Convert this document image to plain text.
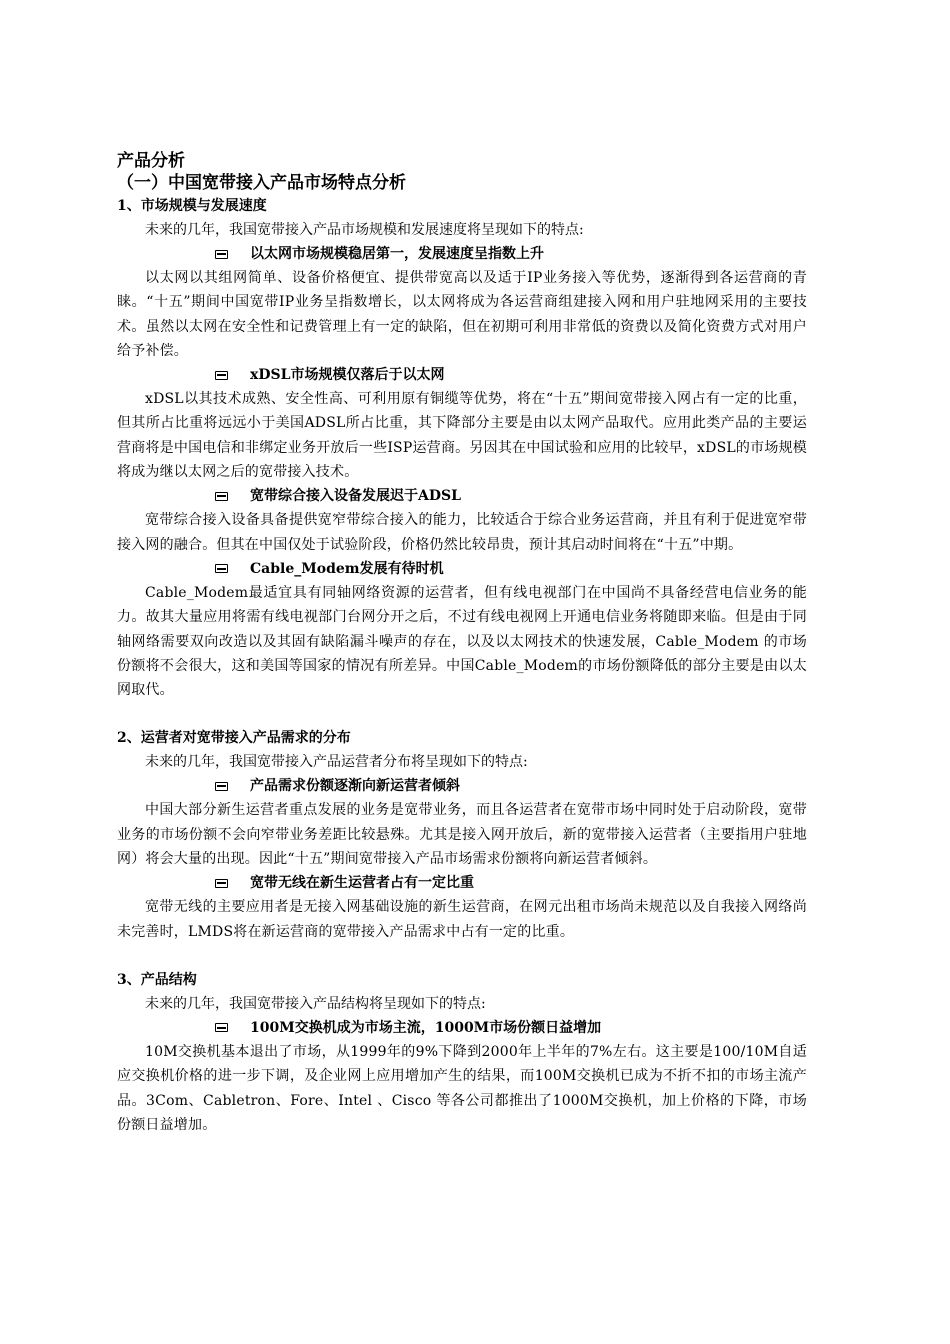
产品分析

（一）中国宽带接入产品市场特点分析

1、市场规模与发展速度

未来的几年，我国宽带接入产品市场规模和发展速度将呈现如下的特点:

以太网市场规模稳居第一，发展速度呈指数上升

以太网以其组网简单、设备价格便宜、提供带宽高以及适于IP业务接入等优势，逐渐得到各运营商的青睐。“十五”期间中国宽带IP业务呈指数增长，以太网将成为各运营商组建接入网和用户驻地网采用的主要技术。虽然以太网在安全性和记费管理上有一定的缺陷，但在初期可利用非常低的资费以及简化资费方式对用户给予补偿。

xDSL市场规模仅落后于以太网

xDSL以其技术成熟、安全性高、可利用原有铜缆等优势，将在“十五”期间宽带接入网占有一定的比重，但其所占比重将远远小于美国ADSL所占比重，其下降部分主要是由以太网产品取代。应用此类产品的主要运营商将是中国电信和非绑定业务开放后一些ISP运营商。另因其在中国试验和应用的比较早，xDSL的市场规模将成为继以太网之后的宽带接入技术。

宽带综合接入设备发展迟于ADSL

宽带综合接入设备具备提供宽窄带综合接入的能力，比较适合于综合业务运营商，并且有利于促进宽窄带接入网的融合。但其在中国仅处于试验阶段，价格仍然比较昂贵，预计其启动时间将在“十五”中期。

Cable_Modem发展有待时机

Cable_Modem最适宜具有同轴网络资源的运营者，但有线电视部门在中国尚不具备经营电信业务的能力。故其大量应用将需有线电视部门台网分开之后，不过有线电视网上开通电信业务将随即来临。但是由于同轴网络需要双向改造以及其固有缺陷漏斗噪声的存在，以及以太网技术的快速发展，Cable_Modem 的市场份额将不会很大，这和美国等国家的情况有所差异。中国Cable_Modem的市场份额降低的部分主要是由以太网取代。

2、运营者对宽带接入产品需求的分布

未来的几年，我国宽带接入产品运营者分布将呈现如下的特点:

产品需求份额逐渐向新运营者倾斜

中国大部分新生运营者重点发展的业务是宽带业务，而且各运营者在宽带市场中同时处于启动阶段，宽带业务的市场份额不会向窄带业务差距比较悬殊。尤其是接入网开放后，新的宽带接入运营者（主要指用户驻地网）将会大量的出现。因此“十五”期间宽带接入产品市场需求份额将向新运营者倾斜。

宽带无线在新生运营者占有一定比重

宽带无线的主要应用者是无接入网基础设施的新生运营商，在网元出租市场尚未规范以及自我接入网络尚未完善时，LMDS将在新运营商的宽带接入产品需求中占有一定的比重。

3、产品结构

未来的几年，我国宽带接入产品结构将呈现如下的特点:

100M交换机成为市场主流，1000M市场份额日益增加

10M交换机基本退出了市场，从1999年的9%下降到2000年上半年的7%左右。这主要是100/10M自适应交换机价格的进一步下调，及企业网上应用增加产生的结果，而100M交换机已成为不折不扣的市场主流产品。3Com、Cabletron、Fore、Intel 、Cisco 等各公司都推出了1000M交换机，加上价格的下降，市场份额日益增加。
